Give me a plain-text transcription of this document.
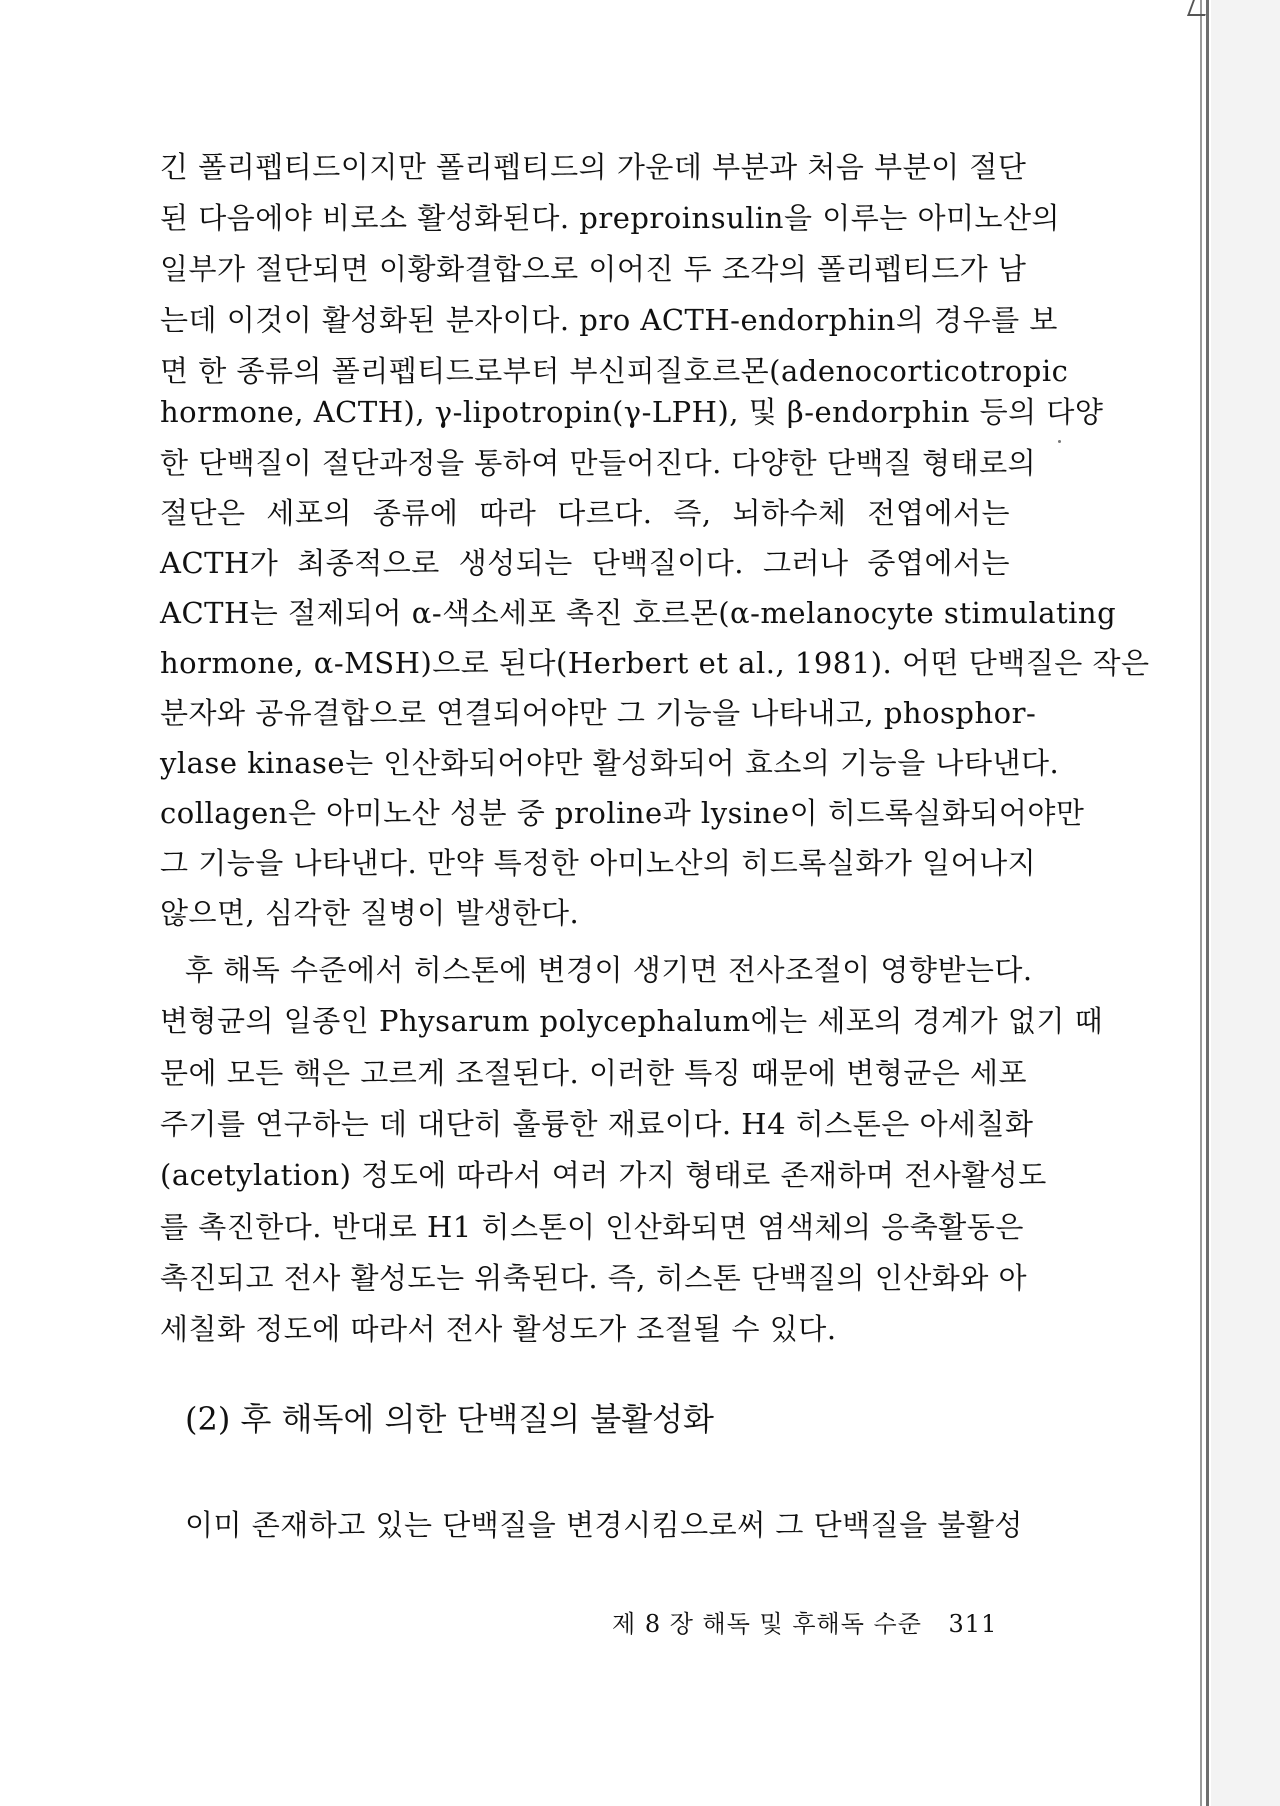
긴 폴리펩티드이지만 폴리펩티드의 가운데 부분과 처음 부분이 절단

된 다음에야 비로소 활성화된다. preproinsulin을 이루는 아미노산의

일부가 절단되면 이황화결합으로 이어진 두 조각의 폴리펩티드가 남

는데 이것이 활성화된 분자이다. pro ACTH-endorphin의 경우를 보

면 한 종류의 폴리펩티드로부터 부신피질호르몬(adenocorticotropic

hormone, ACTH), γ-lipotropin(γ-LPH), 및 β-endorphin 등의 다양

한 단백질이 절단과정을 통하여 만들어진다. 다양한 단백질 형태로의

절단은 세포의 종류에 따라 다르다. 즉, 뇌하수체 전엽에서는

ACTH가 최종적으로 생성되는 단백질이다. 그러나 중엽에서는

ACTH는 절제되어 α-색소세포 촉진 호르몬(α-melanocyte stimulating

hormone, α-MSH)으로 된다(Herbert et al., 1981). 어떤 단백질은 작은

분자와 공유결합으로 연결되어야만 그 기능을 나타내고, phosphor-

ylase kinase는 인산화되어야만 활성화되어 효소의 기능을 나타낸다.

collagen은 아미노산 성분 중 proline과 lysine이 히드록실화되어야만

그 기능을 나타낸다. 만약 특정한 아미노산의 히드록실화가 일어나지

않으면, 심각한 질병이 발생한다.

후 해독 수준에서 히스톤에 변경이 생기면 전사조절이 영향받는다.

변형균의 일종인 Physarum polycephalum에는 세포의 경계가 없기 때

문에 모든 핵은 고르게 조절된다. 이러한 특징 때문에 변형균은 세포

주기를 연구하는 데 대단히 훌륭한 재료이다. H4 히스톤은 아세칠화

(acetylation) 정도에 따라서 여러 가지 형태로 존재하며 전사활성도

를 촉진한다. 반대로 H1 히스톤이 인산화되면 염색체의 응축활동은

촉진되고 전사 활성도는 위축된다. 즉, 히스톤 단백질의 인산화와 아

세칠화 정도에 따라서 전사 활성도가 조절될 수 있다.

(2) 후 해독에 의한 단백질의 불활성화

이미 존재하고 있는 단백질을 변경시킴으로써 그 단백질을 불활성

제 8 장 해독 및 후해독 수준 311
